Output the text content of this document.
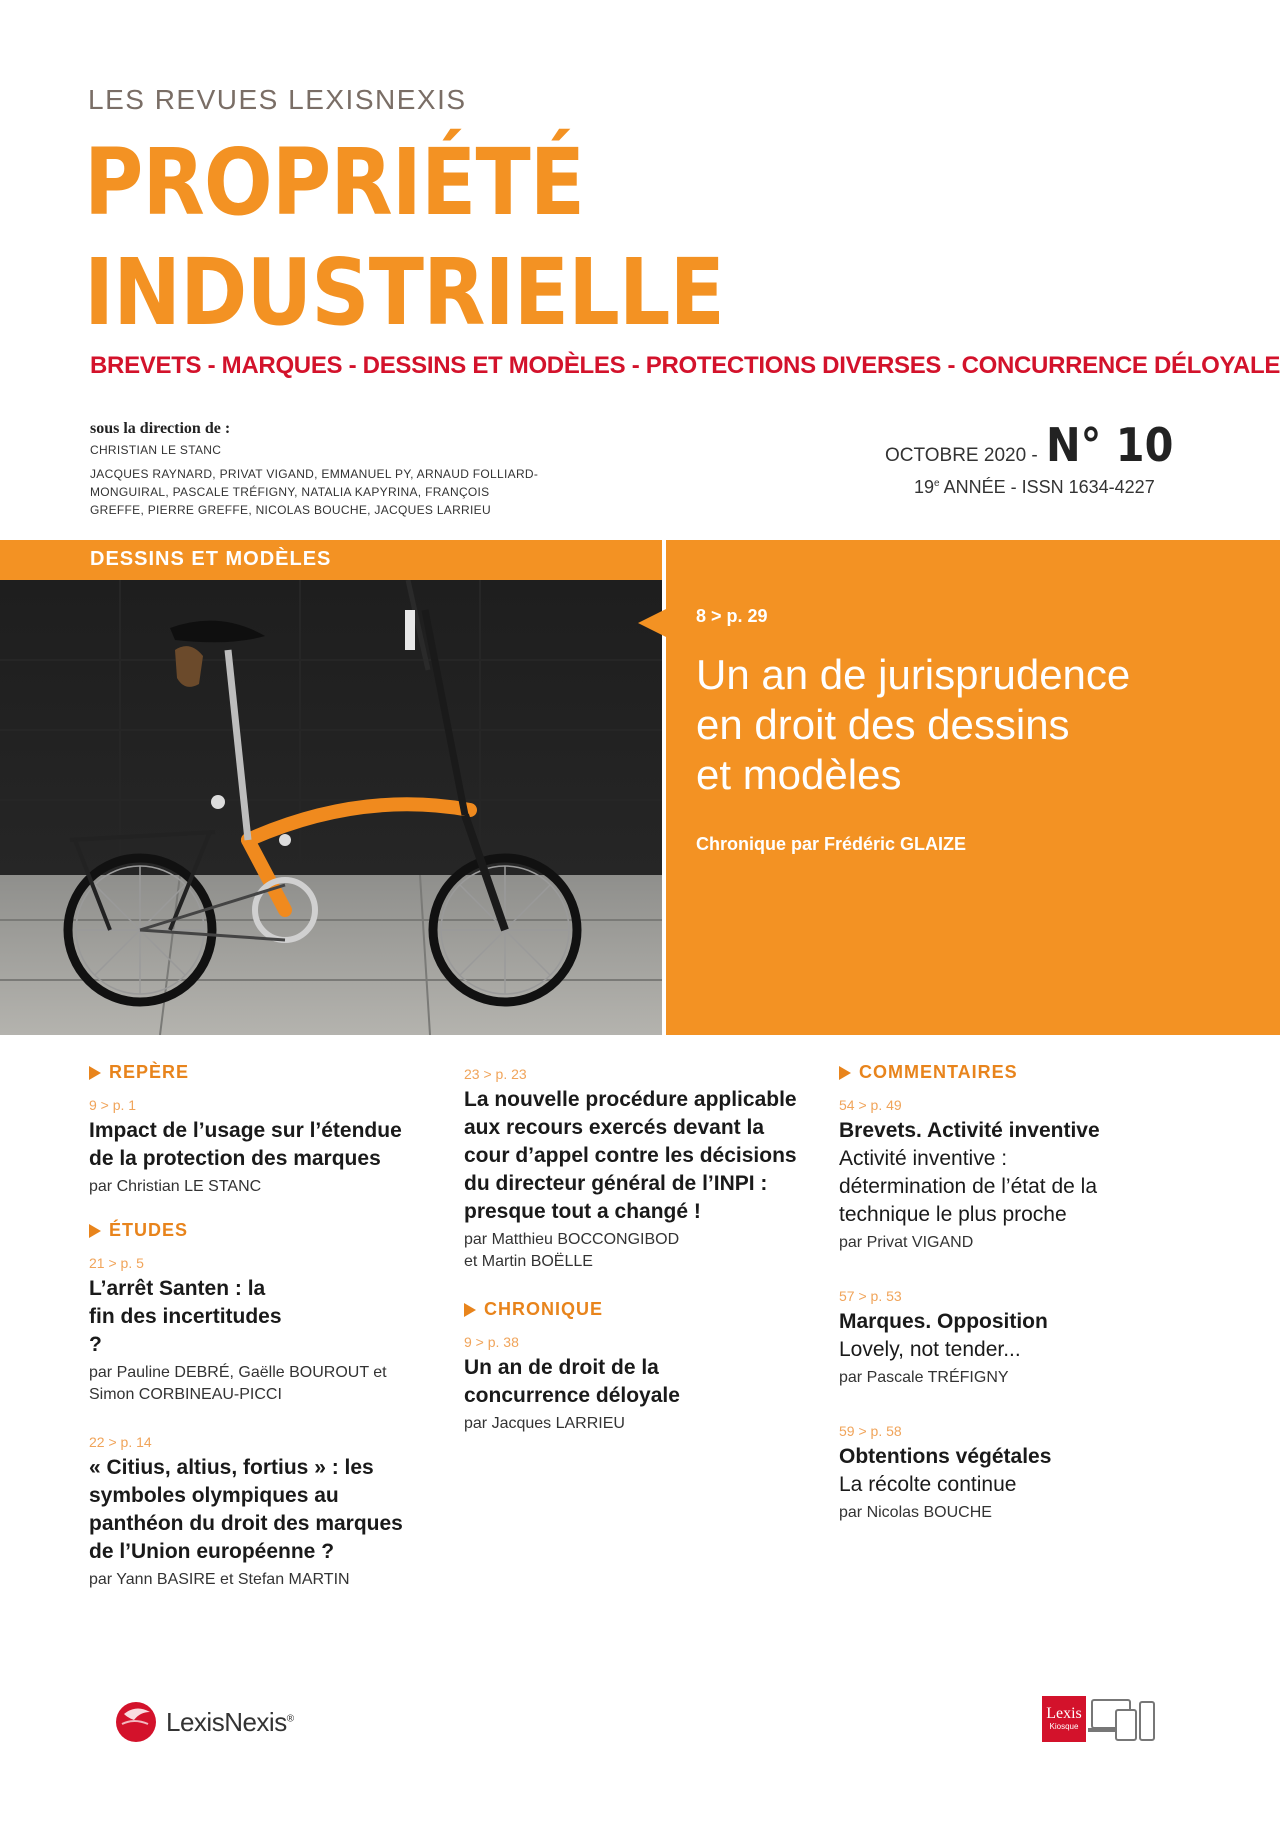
LES REVUES LEXISNEXIS
PROPRIÉTÉ
INDUSTRIELLE
BREVETS - MARQUES - DESSINS ET MODÈLES - PROTECTIONS DIVERSES - CONCURRENCE DÉLOYALE
sous la direction de :
CHRISTIAN LE STANC
JACQUES RAYNARD, PRIVAT VIGAND, EMMANUEL PY, ARNAUD FOLLIARD-MONGUIRAL, PASCALE TRÉFIGNY, NATALIA KAPYRINA, FRANÇOIS GREFFE, PIERRE GREFFE, NICOLAS BOUCHE, JACQUES LARRIEU
OCTOBRE 2020 - N° 10
19e ANNÉE - ISSN 1634-4227
DESSINS ET MODÈLES
8 > p. 29
Un an de jurisprudence
en droit des dessins
et modèles
Chronique par Frédéric GLAIZE
REPÈRE
9 > p. 1
Impact de l’usage sur l’étendue de la protection des marques
par Christian LE STANC
ÉTUDES
21 > p. 5
L’arrêt Santen : la fin des incertitudes ?
par Pauline DEBRÉ, Gaëlle BOUROUT et Simon CORBINEAU-PICCI
22 > p. 14
« Citius, altius, fortius » : les symboles olympiques au panthéon du droit des marques de l’Union européenne ?
par Yann BASIRE et Stefan MARTIN
23 > p. 23
La nouvelle procédure applicable aux recours exercés devant la cour d’appel contre les décisions du directeur général de l’INPI : presque tout a changé !
par Matthieu BOCCONGIBOD
et Martin BOËLLE
CHRONIQUE
9 > p. 38
Un an de droit de la concurrence déloyale
par Jacques LARRIEU
COMMENTAIRES
54 > p. 49
Brevets. Activité inventive
Activité inventive : détermination de l’état de la technique le plus proche
par Privat VIGAND
57 > p. 53
Marques. Opposition
Lovely, not tender...
par Pascale TRÉFIGNY
59 > p. 58
Obtentions végétales
La récolte continue
par Nicolas BOUCHE
LexisNexis®	Lexis
Kiosque
